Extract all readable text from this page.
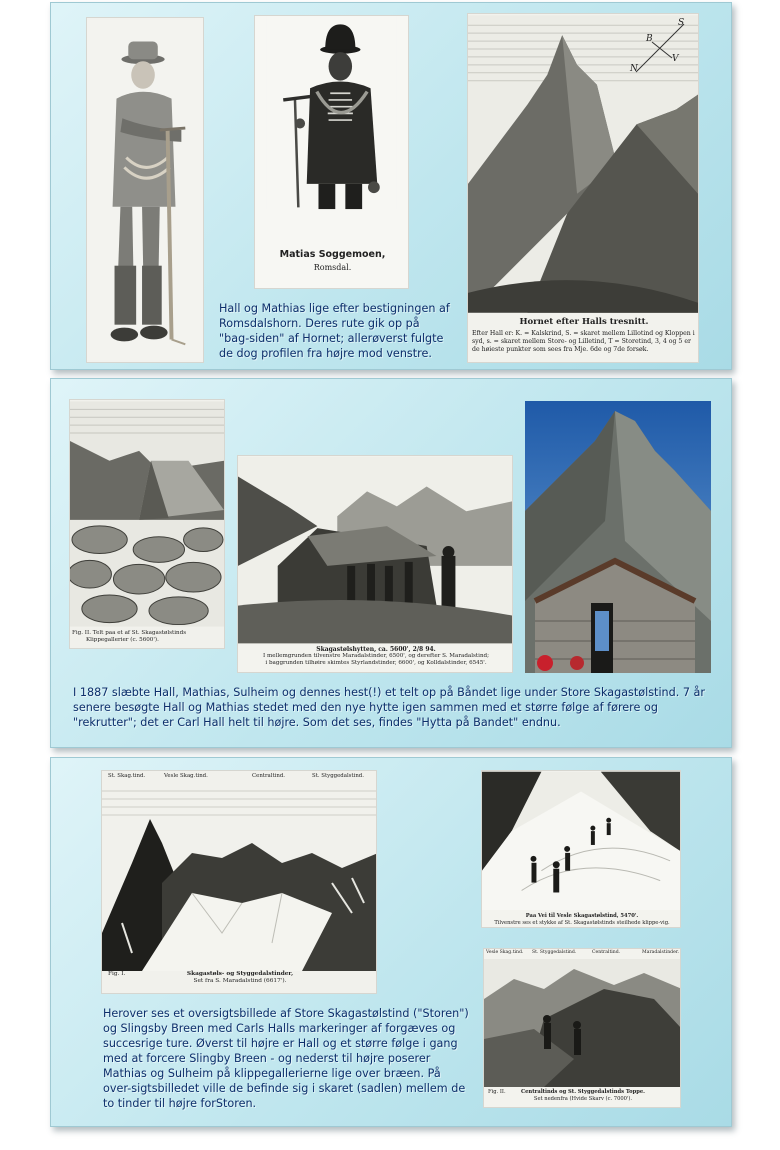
Matias Soggemoen,
Romsdal.
S
V
B
N
Hornet efter Halls tresnitt.
Efter Hall er: K. = Kalskrind, S. = skaret mellem Lillotind og Kloppen i syd, s. = skaret mellem Store- og Lilletind, T = Storetind, 3, 4 og 5 er de høieste punkter som sees fra Mje. 6de og 7de forsøk.
Hall og Mathias lige efter bestigningen af Romsdalshorn. Deres rute gik op på "bag-siden" af Hornet; allerøverst fulgte de dog profilen fra højre mod venstre.
Fig. II. Telt paa et af St. Skagastølstinds
Klippegallerier (c. 5600').
Skagastølshytten, ca. 5600', 2/8 94.
I mellemgrunden tilvenstre Maradalstinder, 6500', og derefter S. Maradalstind;
i baggrunden tilhøire skimtes Styrlandstinder, 6600', og Kolldalstinder, 6545'.
I 1887 slæbte Hall, Mathias, Sulheim og dennes hest(!) et telt op på Båndet lige under Store Skagastølstind. 7 år senere besøgte Hall og Mathias stedet med den nye hytte igen sammen med et større følge af førere og "rekrutter"; det er Carl Hall helt til højre. Som det ses, findes "Hytta på Bandet" endnu.
St. Skag.tind.	Vesle Skag.tind.	Centraltind.	St. Styggedalstind.
Fig. I.	Skagastøls- og Styggedalstinder,
Set fra S. Maradalstind (6617').
Paa Vei til Vesle Skagastølstind, 5470'.
Tilvenstre ses et stykke af St. Skagastølstinds steilhede klippe-vig.
Vesle Skag.tind. St. Styggedalstind.	Centraltind.	Maradalstinder.
Fig. II.	Centraltinds og St. Styggedalstinds Toppe.
Set nedenfra (Hvide Skarv (c. 7000').
Herover ses et oversigtsbillede af Store Skagastølstind ("Storen") og Slingsby Breen med Carls Halls markeringer af forgæves og succesrige ture. Øverst til højre er Hall og et større følge i gang med at forcere Slingby Breen - og nederst til højre poserer Mathias og Sulheim på klippegallerierne lige over bræen. På over-sigtsbilledet ville de befinde sig i skaret (sadlen) mellem de to tinder til højre forStoren.
